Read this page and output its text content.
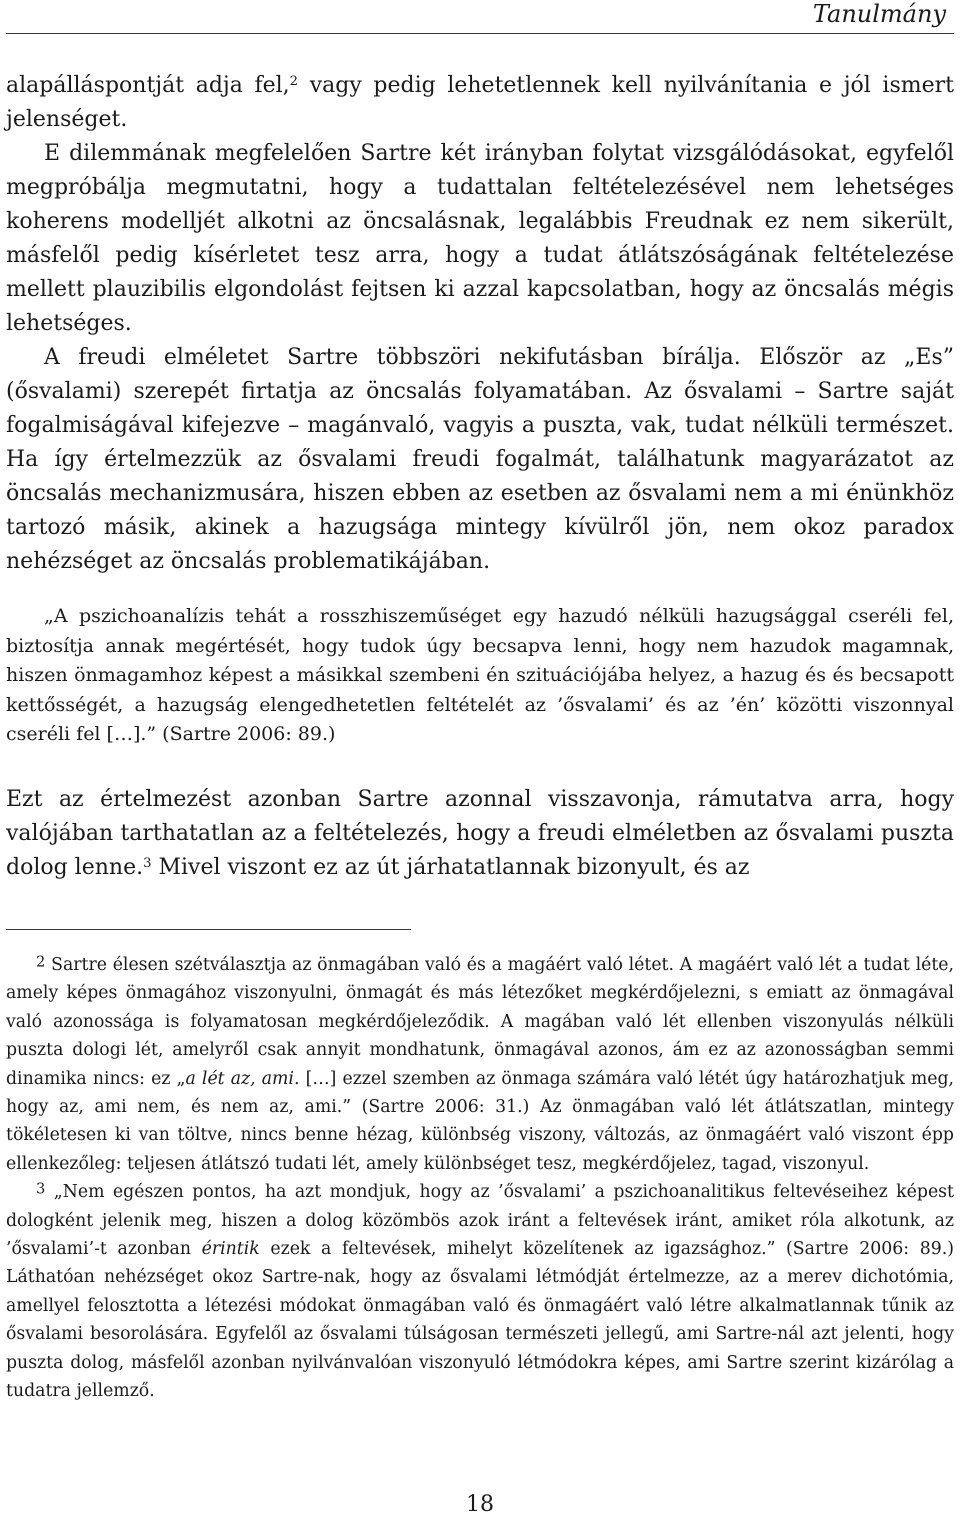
Tanulmány

alapálláspontját adja fel,$^2$ vagy pedig lehetetlennek kell nyilvánítania e jól ismert jelenséget.

E dilemmának megfelelően Sartre két irányban folytat vizsgálódásokat, egyfelől megpróbálja megmutatni, hogy a tudattalan feltételezésével nem lehetséges koherens modelljét alkotni az öncsalásnak, legalábbis Freudnak ez nem sikerült, másfelől pedig kísérletet tesz arra, hogy a tudat átlátszóságának feltételezése mellett plauzibilis elgondolást fejtsen ki azzal kapcsolatban, hogy az öncsalás mégis lehetséges.

A freudi elméletet Sartre többszöri nekifutásban bírálja. Először az „Es” (ősvalami) szerepét firtatja az öncsalás folyamatában. Az ősvalami – Sartre saját fogalmiságával kifejezve – magánvaló, vagyis a puszta, vak, tudat nélküli természet. Ha így értelmezzük az ősvalami freudi fogalmát, találhatunk magyarázatot az öncsalás mechanizmusára, hiszen ebben az esetben az ősvalami nem a mi énünkhöz tartozó másik, akinek a hazugsága mintegy kívülről jön, nem okoz paradox nehézséget az öncsalás problematikájában.

„A pszichoanalízis tehát a rosszhiszeműséget egy hazudó nélküli hazugsággal cseréli fel, biztosítja annak megértését, hogy tudok úgy becsapva lenni, hogy nem hazudok magamnak, hiszen önmagamhoz képest a másikkal szembeni én szituációjába helyez, a hazug és és becsapott kettősségét, a hazugság elengedhetetlen feltételét az ’ősvalami’ és az ’én’ közötti viszonnyal cseréli fel […].” (Sartre 2006: 89.)

Ezt az értelmezést azonban Sartre azonnal visszavonja, rámutatva arra, hogy valójában tarthatatlan az a feltételezés, hogy a freudi elméletben az ősvalami puszta dolog lenne.$^3$ Mivel viszont ez az út járhatatlannak bizonyult, és az

$^2$ Sartre élesen szétválasztja az önmagában való és a magáért való létet. A magáért való lét a tudat léte, amely képes önmagához viszonyulni, önmagát és más létezőket megkérdőjelezni, s emiatt az önmagával való azonossága is folyamatosan megkérdőjeleződik. A magában való lét ellenben viszonyulás nélküli puszta dologi lét, amelyről csak annyit mondhatunk, önmagával azonos, ám ez az azonosságban semmi dinamika nincs: ez „a lét az, ami. […] ezzel szemben az önmaga számára való létét úgy határozhatjuk meg, hogy az, ami nem, és nem az, ami.” (Sartre 2006: 31.) Az önmagában való lét átlátszatlan, mintegy tökéletesen ki van töltve, nincs benne hézag, különbség viszony, változás, az önmagáért való viszont épp ellenkezőleg: teljesen átlátszó tudati lét, amely különbséget tesz, megkérdőjelez, tagad, viszonyul.

$^3$ „Nem egészen pontos, ha azt mondjuk, hogy az ’ősvalami’ a pszichoanalitikus feltevéseihez képest dologként jelenik meg, hiszen a dolog közömbös azok iránt a feltevések iránt, amiket róla alkotunk, az ’ősvalami’-t azonban érintik ezek a feltevések, mihelyt közelítenek az igazsághoz.” (Sartre 2006: 89.) Láthatóan nehézséget okoz Sartre-nak, hogy az ősvalami létmódját értelmezze, az a merev dichotómia, amellyel felosztotta a létezési módokat önmagában való és önmagáért való létre alkalmatlannak tűnik az ősvalami besorolására. Egyfelől az ősvalami túlságosan természeti jellegű, ami Sartre-nál azt jelenti, hogy puszta dolog, másfelől azonban nyilvánvalóan viszonyuló létmódokra képes, ami Sartre szerint kizárólag a tudatra jellemző.

18
